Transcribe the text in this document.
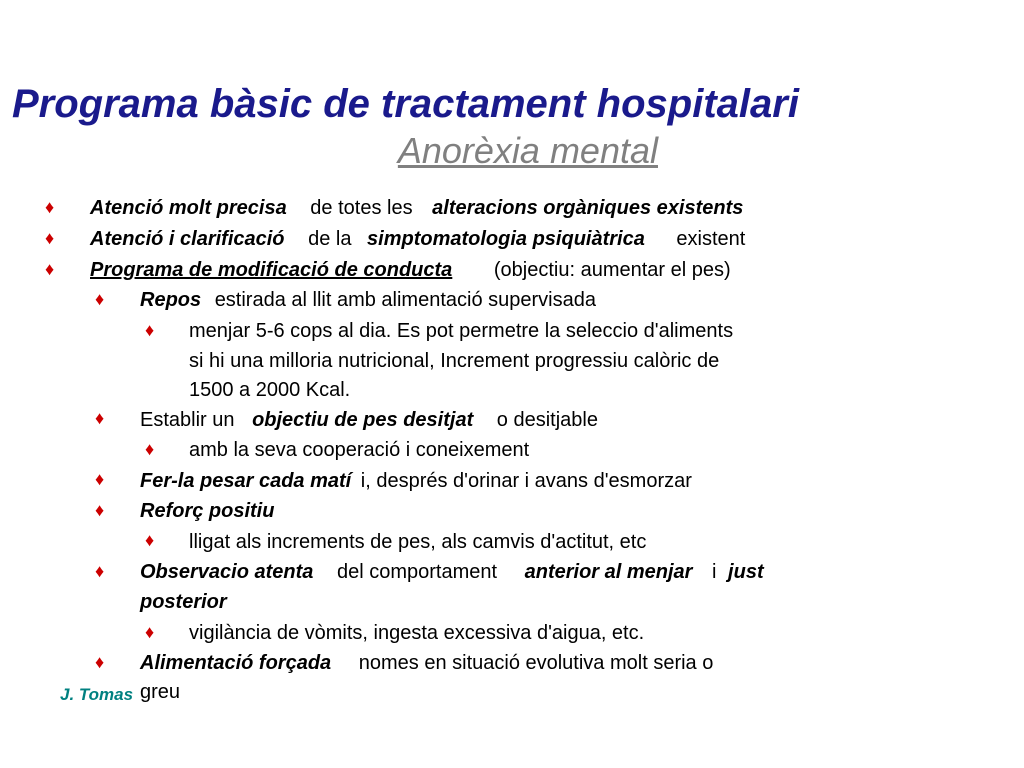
Programa bàsic de tractament hospitalari
Anorèxia mental
♦ Atenció molt precisa de totes les alteracions orgàniques existents
♦ Atenció i clarificació de la simptomatologia psiquiàtrica existent
♦ Programa de modificació de conducta (objectiu: aumentar el pes)
♦ Repos estirada al llit amb alimentació supervisada
♦ menjar 5-6 cops al dia. Es pot permetre la seleccio d'aliments
si hi una milloria nutricional, Increment progressiu calòric de
1500 a 2000 Kcal.
♦ Establir un objectiu de pes desitjat o desitjable
♦ amb la seva cooperació i coneixement
♦ Fer-la pesar cada matí i, després d'orinar i avans d'esmorzar
♦ Reforç positiu
♦ lligat als increments de pes, als camvis d'actitut, etc
♦ Observacio atenta del comportament anterior al menjar i just
posterior
♦ vigilància de vòmits, ingesta excessiva d'aigua, etc.
♦ Alimentació forçada nomes en situació evolutiva molt seria o
greu
J. Tomas
